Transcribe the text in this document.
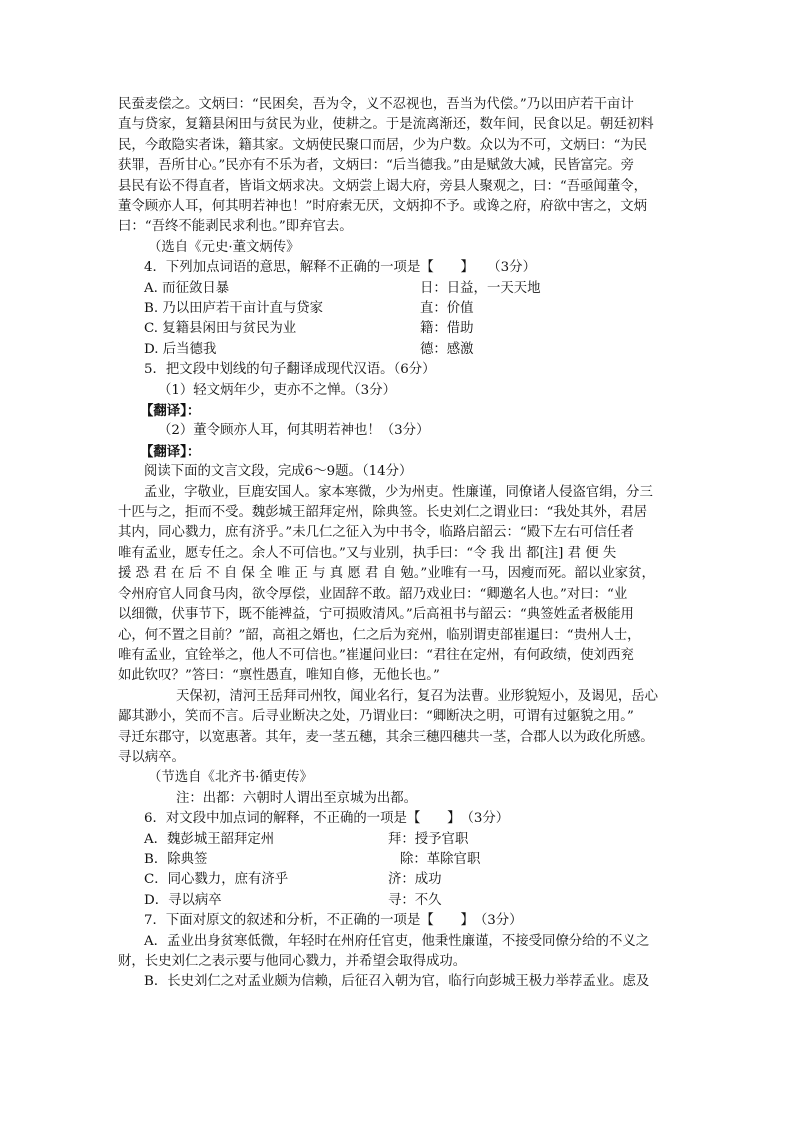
民蚕麦偿之。文炳曰：“民困矣，吾为令，义不忍视也，吾当为代偿。”乃以田庐若干亩计

直与贷家，复籍县闲田与贫民为业，使耕之。于是流离渐还，数年间，民食以足。朝廷初料

民，今敢隐实者诛，籍其家。文炳使民聚口而居，少为户数。众以为不可，文炳曰：“为民

获罪，吾所甘心。”民亦有不乐为者，文炳曰：“后当德我。”由是赋敛大减，民皆富完。旁

县民有讼不得直者，皆诣文炳求决。文炳尝上谒大府，旁县人聚观之，曰：“吾亟闻董令，

董令顾亦人耳，何其明若神也！”时府索无厌，文炳抑不予。或谗之府，府欲中害之，文炳

曰：“吾终不能剥民求利也。”即弃官去。

（选自《元史·董文炳传》

4．下列加点词语的意思，解释不正确的一项是【　　】　　（3分）

A. 而征敛日暴	日：日益，一天天地
B. 乃以田庐若干亩计直与贷家	直：价值
C. 复籍县闲田与贫民为业	籍：借助
D. 后当德我	德：感激

5．把文段中划线的句子翻译成现代汉语。（6分）

（1）轻文炳年少，吏亦不之惮。（3分）

【翻译】：

（2）董令顾亦人耳，何其明若神也！（3分）

【翻译】：

阅读下面的文言文段，完成6～9题。（14分）

孟业，字敬业，巨鹿安国人。家本寒微，少为州吏。性廉谨，同僚诸人侵盗官绢，分三

十匹与之，拒而不受。魏彭城王韶拜定州，除典签。长史刘仁之谓业曰：“我处其外，君居

其内，同心戮力，庶有济乎。”未几仁之征入为中书令，临路启韶云：“殿下左右可信任者

唯有孟业，愿专任之。余人不可信也。”又与业别，执手曰：“令 我 出 都[注] 君 便 失

援 恐 君 在 后 不 自 保 全 唯 正 与 真 愿 君 自 勉。”业唯有一马，因瘦而死。韶以业家贫，

令州府官人同食马肉，欲令厚偿，业固辞不敢。韶乃戏业曰：“卿邀名人也。”对曰：“业

以细微，伏事节下，既不能裨益，宁可损败清风。”后高祖书与韶云：“典签姓孟者极能用

心，何不置之目前？”韶，高祖之婿也，仁之后为兖州，临别谓吏部崔暹曰：“贵州人士，

唯有孟业，宜铨举之，他人不可信也。”崔暹问业曰：“君往在定州，有何政绩，使刘西兖

如此钦叹？”答曰：“禀性愚直，唯知自修，无他长也。”

天保初，清河王岳拜司州牧，闻业名行，复召为法曹。业形貌短小，及谒见，岳心

鄙其渺小，笑而不言。后寻业断决之处，乃谓业曰：“卿断决之明，可谓有过躯貌之用。”

寻迁东郡守，以宽惠著。其年，麦一茎五穗，其余三穗四穗共一茎，合郡人以为政化所感。

寻以病卒。

（节选自《北齐书·循吏传》

注：出都：六朝时人谓出至京城为出都。

6．对文段中加点词的解释，不正确的一项是【　　】　（3分）

A．魏彭城王韶拜定州	拜：授予官职
B．除典签	除：革除官职
C．同心戮力，庶有济乎	济：成功
D．寻以病卒	寻：不久

7．下面对原文的叙述和分析，不正确的一项是【　　】　（3分）

A．孟业出身贫寒低微，年轻时在州府任官吏，他秉性廉谨，不接受同僚分给的不义之

财，长史刘仁之表示要与他同心戮力，并希望会取得成功。

B．长史刘仁之对孟业颇为信赖，后征召入朝为官，临行向彭城王极力举荐孟业。虑及
